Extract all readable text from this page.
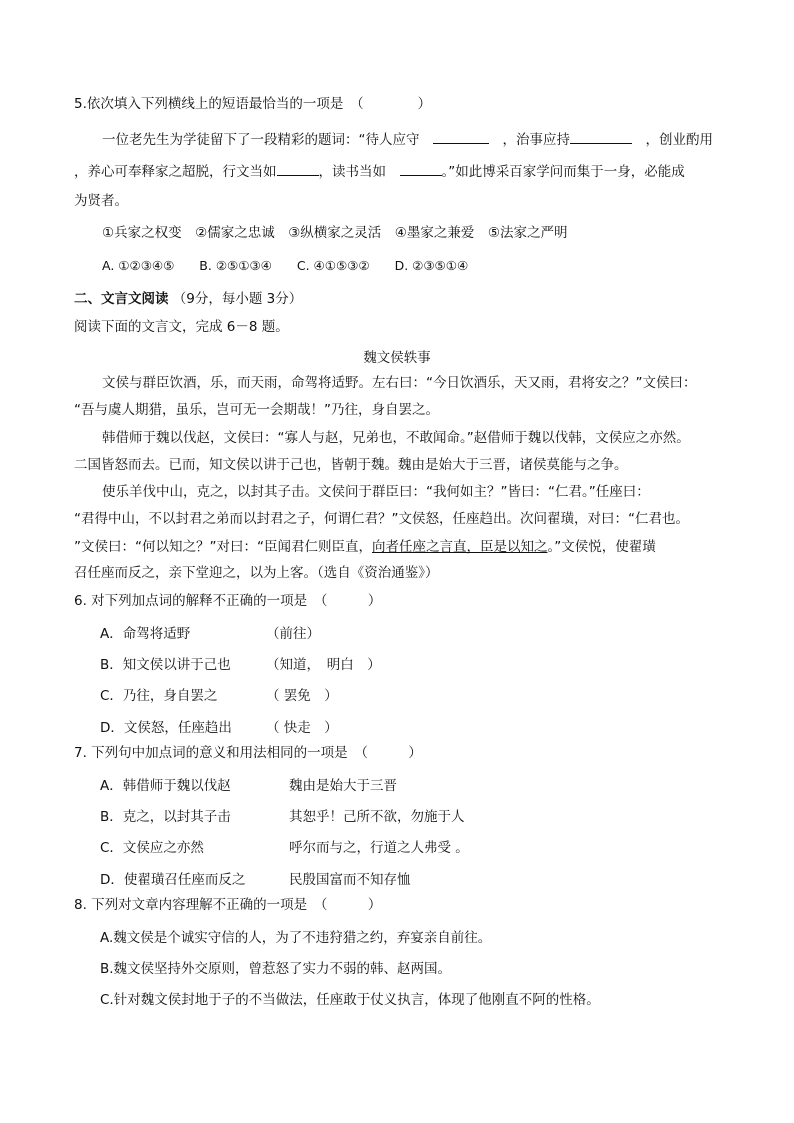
5.依次填入下列横线上的短语最恰当的一项是　（　　　　）
一位老先生为学徒留下了一段精彩的题词：“待人应守　	　，治事应持	　，创业酌用
，养心可奉释家之超脱，行文当如	，读书当如　	。”如此博采百家学问而集于一身，必能成
为贤者。
①兵家之权变　②儒家之忠诚　③纵横家之灵活　④墨家之兼爱　⑤法家之严明
A. ①②③④⑤　　B. ②⑤①③④　　C. ④①⑤③②　　D. ②③⑤①④
二、文言文阅读 （9分，每小题 3分）
阅读下面的文言文，完成 6－8 题。
魏文侯轶事
文侯与群臣饮酒，乐，而天雨，命驾将适野。左右曰：“今日饮酒乐，天又雨，君将安之？”文侯曰：
“吾与虞人期猎，虽乐，岂可无一会期哉！”乃往，身自罢之。
韩借师于魏以伐赵，文侯曰：“寡人与赵，兄弟也，不敢闻命。”赵借师于魏以伐韩，文侯应之亦然。
二国皆怒而去。已而，知文侯以讲于己也，皆朝于魏。魏由是始大于三晋，诸侯莫能与之争。
使乐羊伐中山，克之，以封其子击。文侯问于群臣曰：“我何如主？”皆曰：“仁君。”任座曰：
“君得中山，不以封君之弟而以封君之子，何谓仁君？”文侯怒，任座趋出。次问翟璜，对曰：“仁君也。
”文侯曰：“何以知之？”对曰：“臣闻君仁则臣直，向者任座之言直，臣是以知之。”文侯悦，使翟璜
召任座而反之，亲下堂迎之，以为上客。（选自《资治通鉴》）
6. 对下列加点词的解释不正确的一项是　（　　　）
A．命驾将适野	（前往）
B．知文侯以讲于己也	（知道，　明白　）
C．乃往，身自罢之	（ 罢免　）
D．文侯怒，任座趋出	（ 快走　）
7. 下列句中加点词的意义和用法相同的一项是　（　　　）
A．韩借师于魏以伐赵	魏由是始大于三晋
B．克之，以封其子击	其恕乎！己所不欲，勿施于人
C．文侯应之亦然	呼尔而与之，行道之人弗受 。
D．使翟璜召任座而反之	民殷国富而不知存恤
8. 下列对文章内容理解不正确的一项是　（　　　）
A.魏文侯是个诚实守信的人，为了不违狩猎之约，弃宴亲自前往。
B.魏文侯坚持外交原则，曾惹怒了实力不弱的韩、赵两国。
C.针对魏文侯封地于子的不当做法，任座敢于仗义执言，体现了他刚直不阿的性格。
